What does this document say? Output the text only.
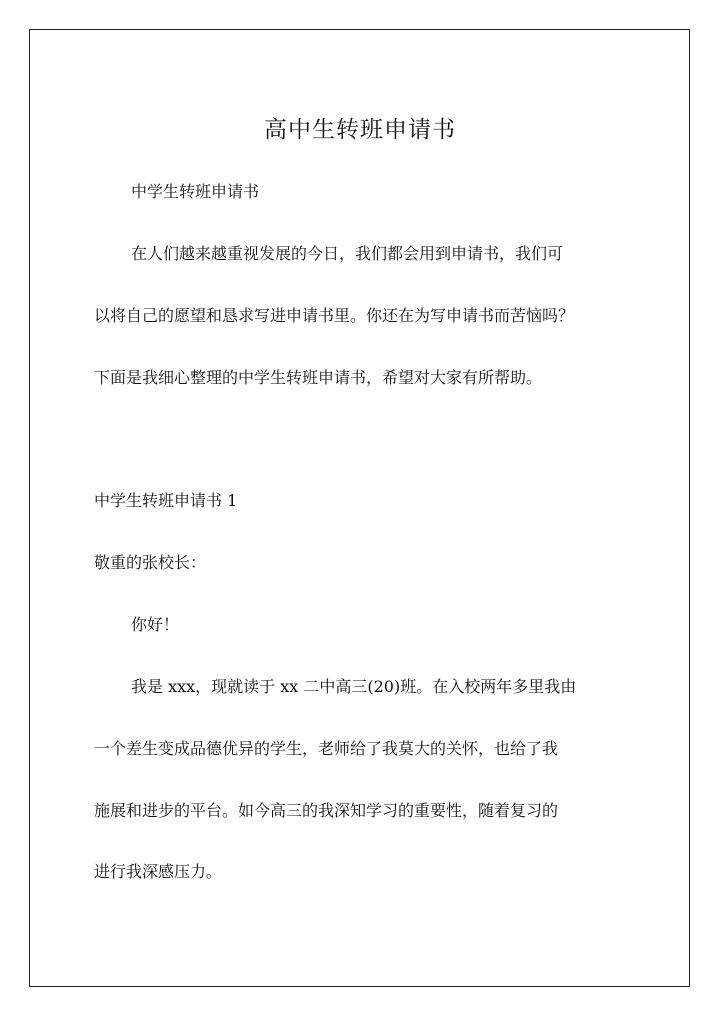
高中生转班申请书

中学生转班申请书

在人们越来越重视发展的今日，我们都会用到申请书，我们可

以将自己的愿望和恳求写进申请书里。你还在为写申请书而苦恼吗？

下面是我细心整理的中学生转班申请书，希望对大家有所帮助。

中学生转班申请书 1

敬重的张校长：

你好！

我是 xxx，现就读于 xx 二中高三(20)班。在入校两年多里我由

一个差生变成品德优异的学生，老师给了我莫大的关怀，也给了我

施展和进步的平台。如今高三的我深知学习的重要性，随着复习的

进行我深感压力。
